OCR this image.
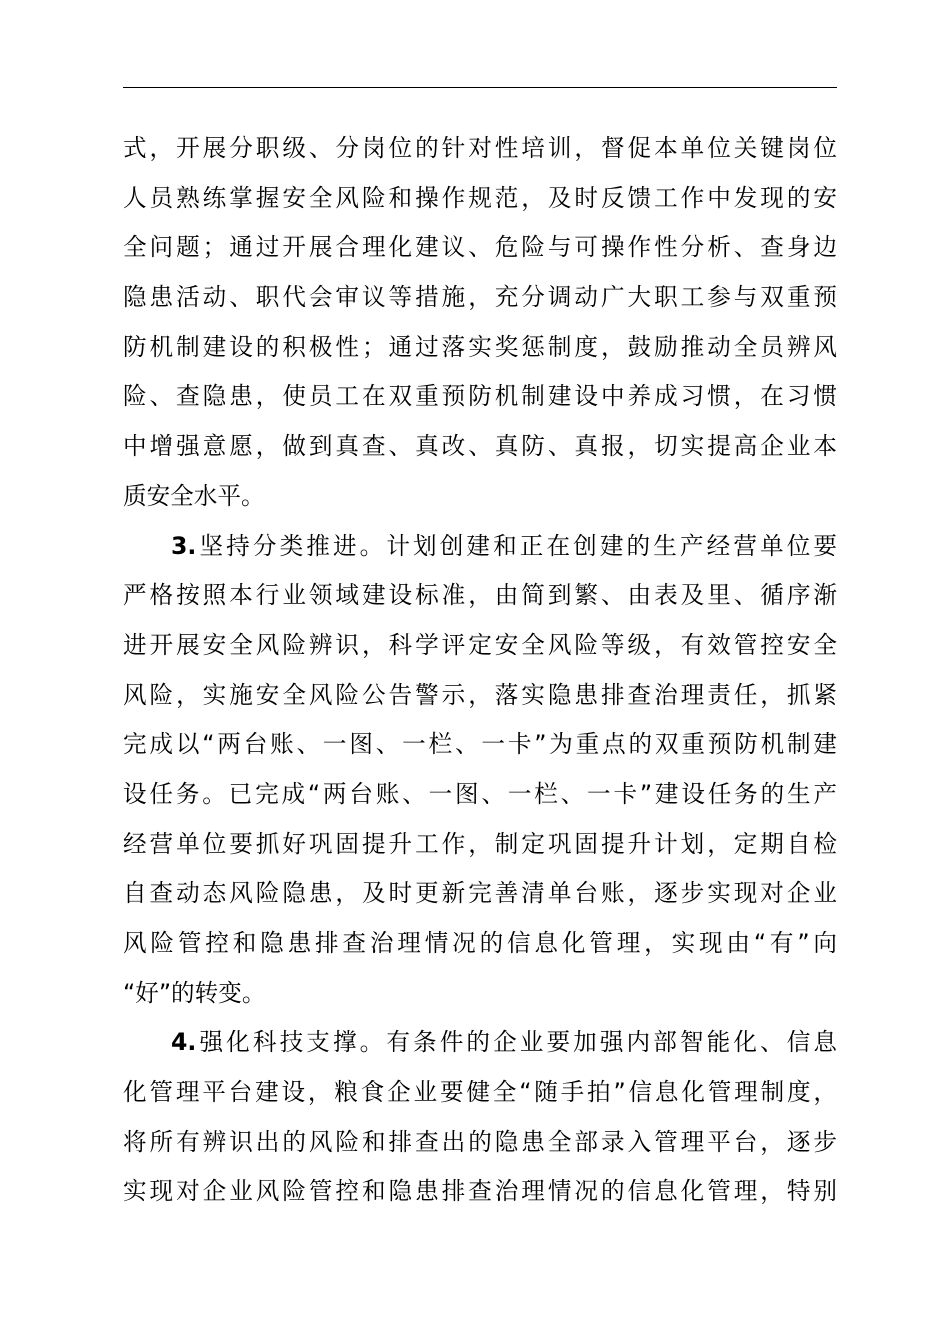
式，开展分职级、分岗位的针对性培训，督促本单位关键岗位
人员熟练掌握安全风险和操作规范，及时反馈工作中发现的安
全问题；通过开展合理化建议、危险与可操作性分析、查身边
隐患活动、职代会审议等措施，充分调动广大职工参与双重预
防机制建设的积极性；通过落实奖惩制度，鼓励推动全员辨风
险、查隐患，使员工在双重预防机制建设中养成习惯，在习惯
中增强意愿，做到真查、真改、真防、真报，切实提高企业本
质安全水平。
3.坚持分类推进。计划创建和正在创建的生产经营单位要
严格按照本行业领域建设标准，由简到繁、由表及里、循序渐
进开展安全风险辨识，科学评定安全风险等级，有效管控安全
风险，实施安全风险公告警示，落实隐患排查治理责任，抓紧
完成以“两台账、一图、一栏、一卡”为重点的双重预防机制建
设任务。已完成“两台账、一图、一栏、一卡”建设任务的生产
经营单位要抓好巩固提升工作，制定巩固提升计划，定期自检
自查动态风险隐患，及时更新完善清单台账，逐步实现对企业
风险管控和隐患排查治理情况的信息化管理，实现由“有”向
“好”的转变。
4.强化科技支撑。有条件的企业要加强内部智能化、信息
化管理平台建设，粮食企业要健全“随手拍”信息化管理制度，
将所有辨识出的风险和排查出的隐患全部录入管理平台，逐步
实现对企业风险管控和隐患排查治理情况的信息化管理，特别
